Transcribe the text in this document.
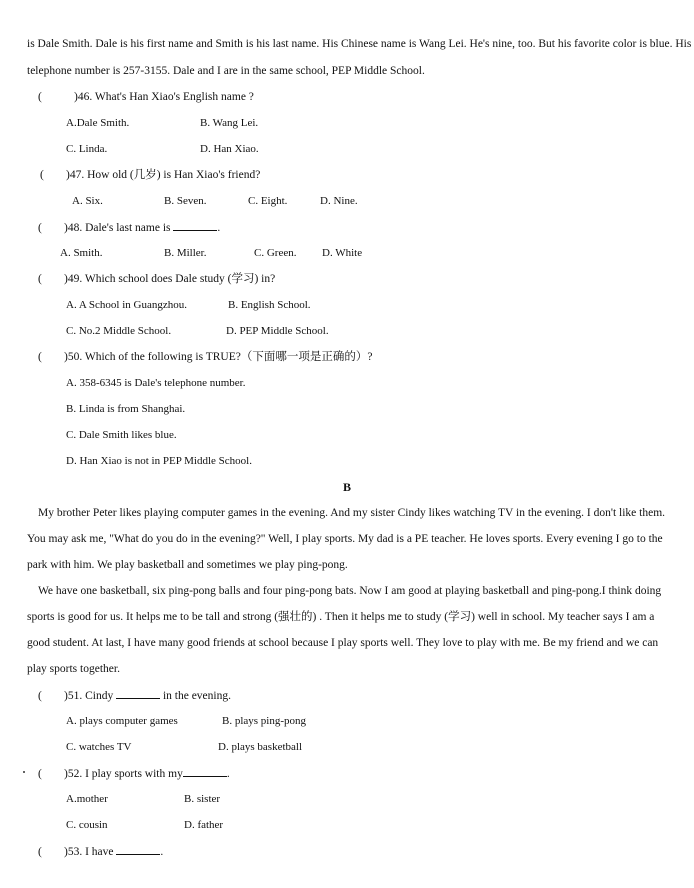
is Dale Smith. Dale is his first name and Smith is his last name. His Chinese name is Wang Lei. He's nine, too. But his favorite color is blue. His
telephone number is 257-3155. Dale and I are in the same school, PEP Middle School.
(	)46. What's Han Xiao's English name ?
A.Dale Smith.	B. Wang Lei.
C. Linda.	D. Han Xiao.
( )47. How old (几岁) is Han Xiao's friend?
A. Six.	B. Seven.	C. Eight.	D. Nine.
( )48. Dale's last name is	.
A. Smith.	B. Miller.	C. Green. D. White
( )49. Which school does Dale study (学习) in?
A. A School in Guangzhou.	B. English School.
C. No.2 Middle School.	D. PEP Middle School.
( )50. Which of the following is TRUE?（下面哪一项是正确的）?
A. 358-6345 is Dale's telephone number.
B. Linda is from Shanghai.
C. Dale Smith likes blue.
D. Han Xiao is not in PEP Middle School.
B
My brother Peter likes playing computer games in the evening. And my sister Cindy likes watching TV in the evening. I don't like them.
You may ask me, "What do you do in the evening?" Well, I play sports. My dad is a PE teacher. He loves sports. Every evening I go to the
park with him. We play basketball and sometimes we play ping-pong.
We have one basketball, six ping-pong balls and four ping-pong bats. Now I am good at playing basketball and ping-pong.I think doing
sports is good for us. It helps me to be tall and strong (强壮的) . Then it helps me to study (学习) well in school. My teacher says I am a
good student. At last, I have many good friends at school because I play sports well. They love to play with me. Be my friend and we can
play sports together.
( )51. Cindy	in the evening.
A. plays computer games	B. plays ping-pong
C. watches TV	D. plays basketball
( )52. I play sports with my	.
A.mother	B. sister
C. cousin	D. father
( )53. I have	.
